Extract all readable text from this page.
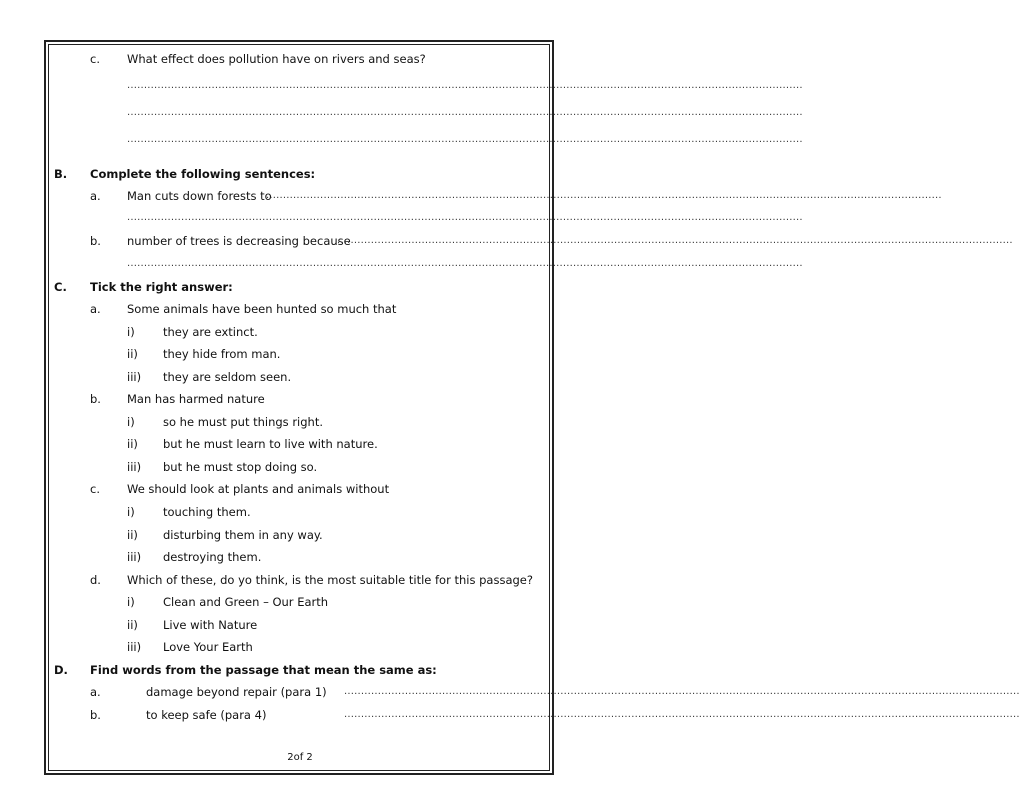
c. What effect does pollution have on rivers and seas?
........................................................................................................................................................................................................
........................................................................................................................................................................................................
........................................................................................................................................................................................................
B. Complete the following sentences:
a. Man cuts down forests to
........................................................................................................................................................................................................
........................................................................................................................................................................................................
b. number of trees is decreasing because
........................................................................................................................................................................................................
........................................................................................................................................................................................................
C. Tick the right answer:
a. Some animals have been hunted so much that
i) they are extinct.
ii) they hide from man.
iii) they are seldom seen.
b. Man has harmed nature
i) so he must put things right.
ii) but he must learn to live with nature.
iii) but he must stop doing so.
c. We should look at plants and animals without
i) touching them.
ii) disturbing them in any way.
iii) destroying them.
d. Which of these, do yo think, is the most suitable title for this passage?
i) Clean and Green – Our Earth
ii) Live with Nature
iii) Love Your Earth
D. Find words from the passage that mean the same as:
a.	damage beyond repair (para 1) ........................................................................................................................................................................................................
b.	to keep safe (para 4)	........................................................................................................................................................................................................
2of 2
